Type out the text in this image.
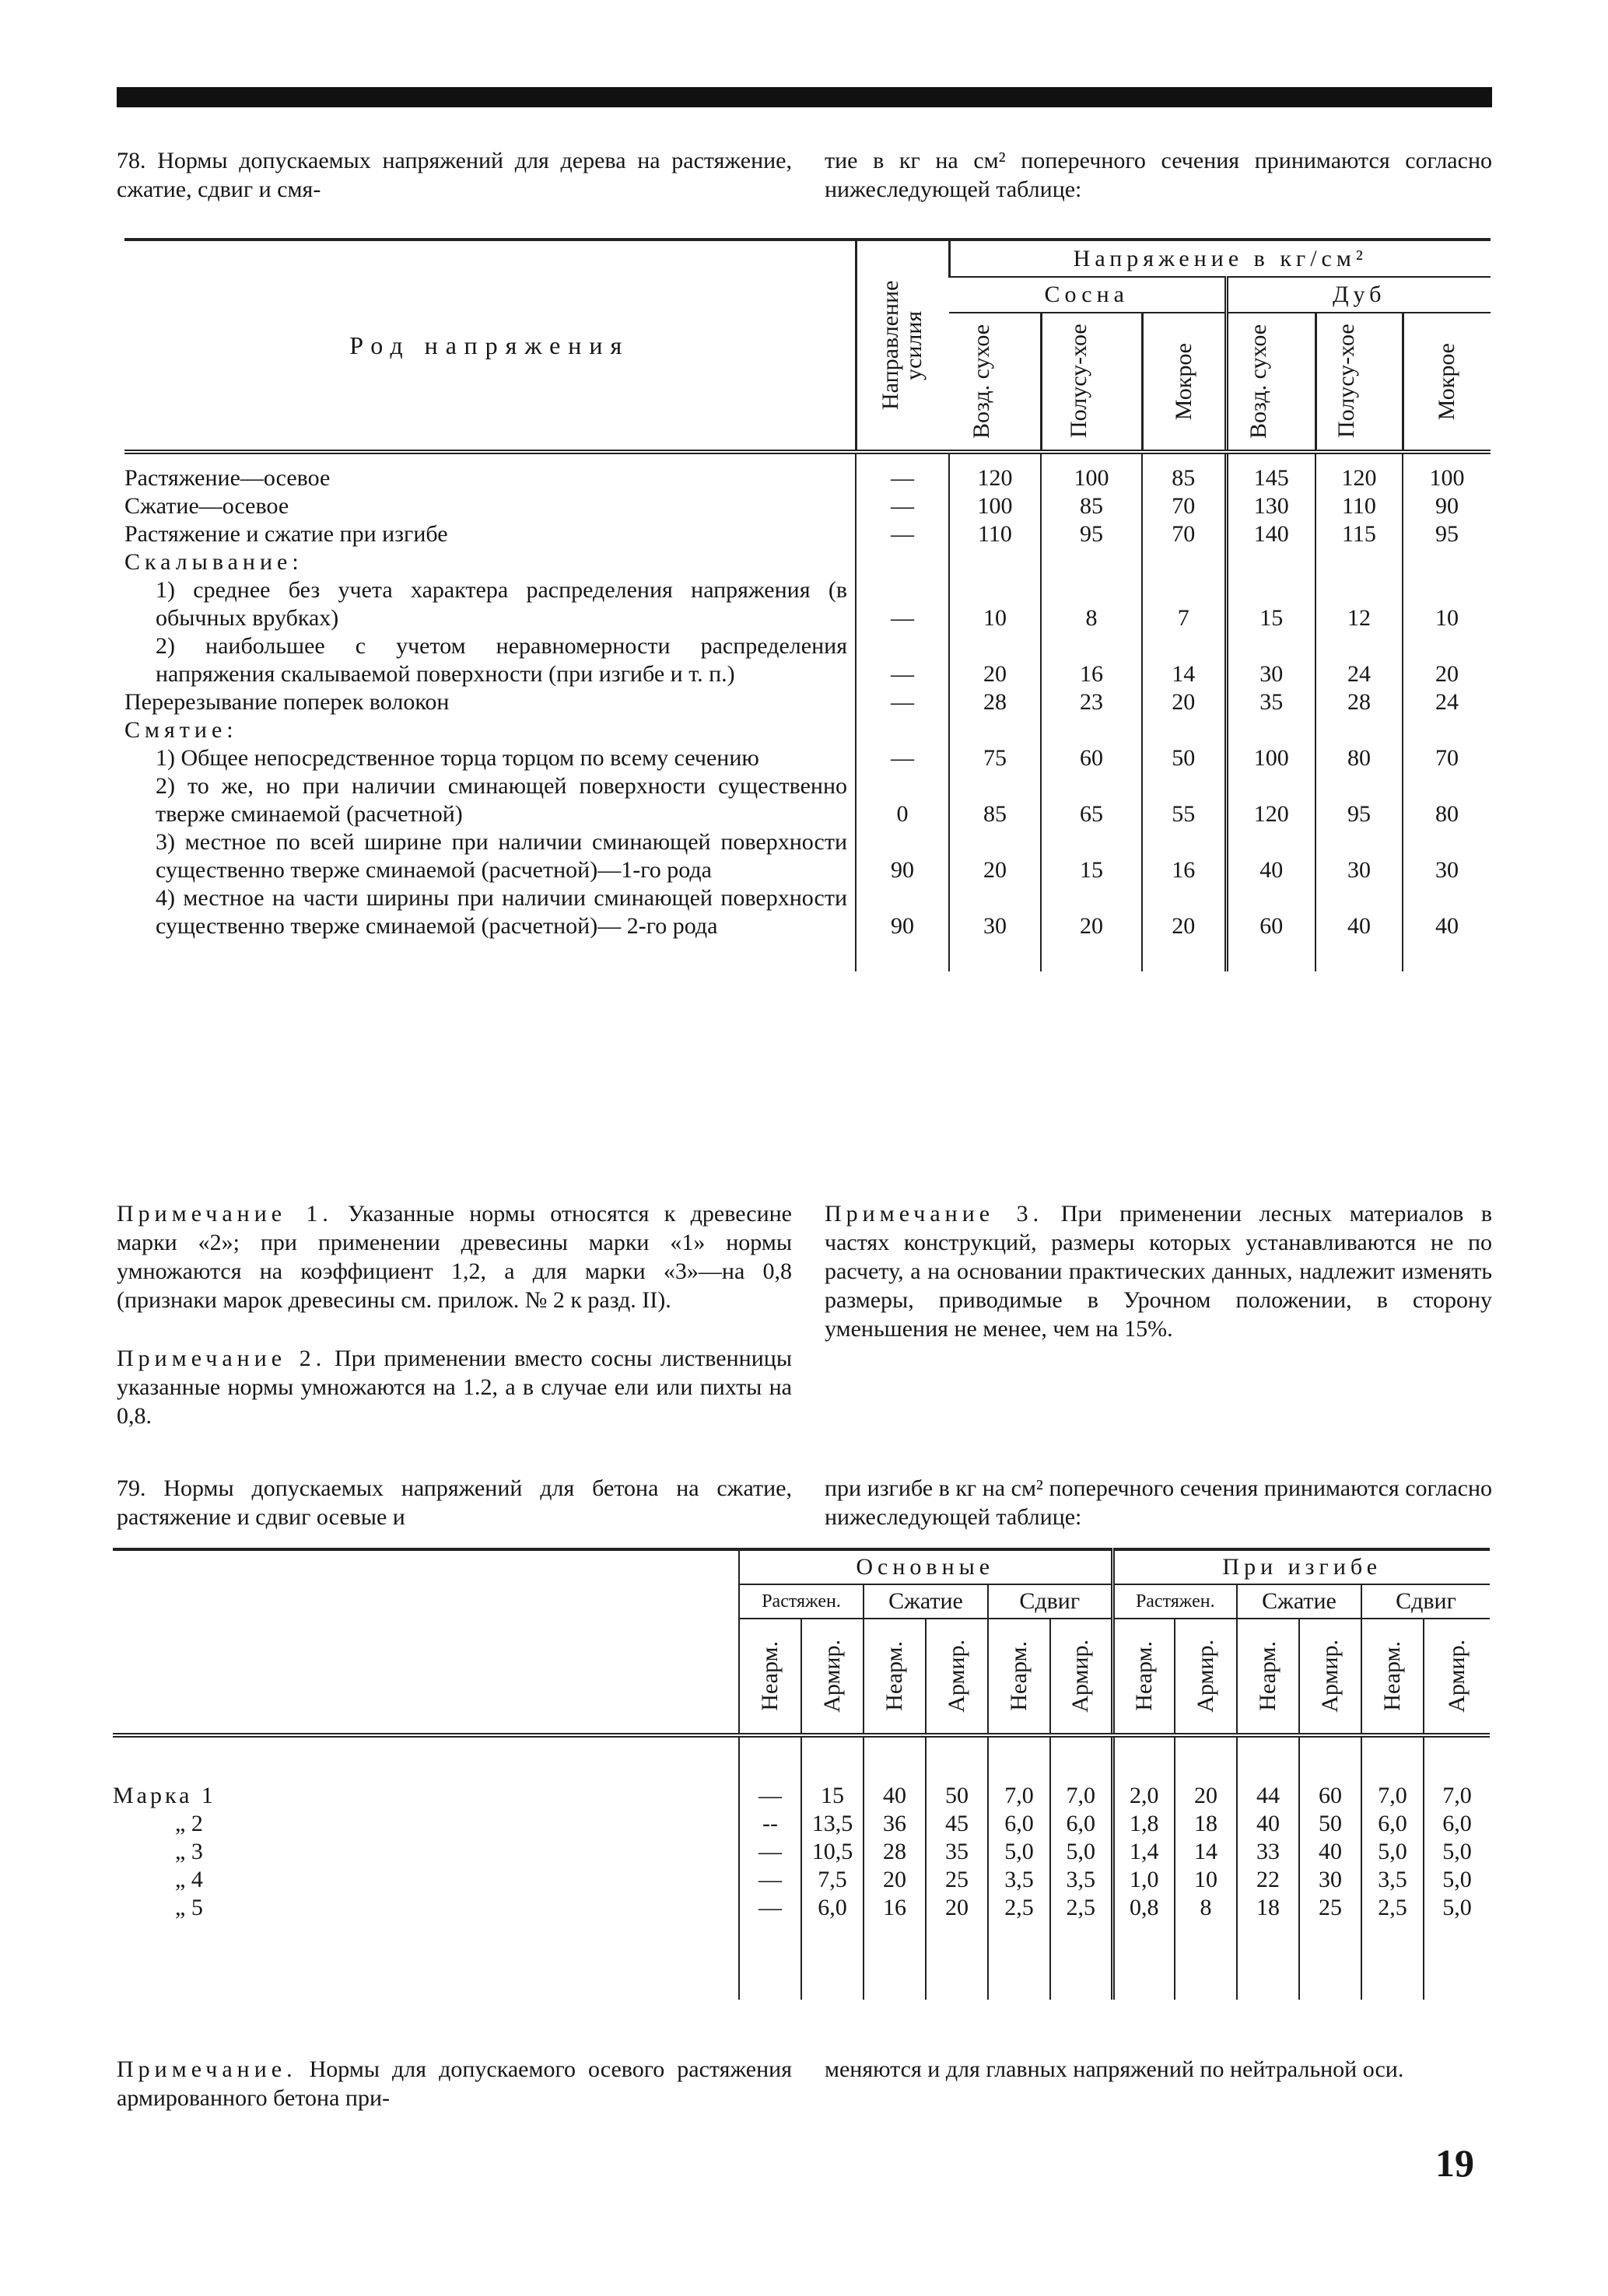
78. Нормы допускаемых напряжений для дерева на растяжение, сжатие, сдвиг и смя-

тие в кг на см² поперечного сечения принимаются согласно нижеследующей таблице:

Род напряжения	Направление усилия	Напряжение в кг/см²					
		Сосна			Дуб		

		Возд. сухое	Полусу-хое	Мокрое	Возд. сухое	Полусу-хое	Мокрое

Растяжение—осевое	—	120	100	85	145	120	100
Сжатие—осевое	—	100	85	70	130	110	90
Растяжение и сжатие при изгибе	—	110	95	70	140	115	95
Скалывание:							
1) среднее без учета характера распределения напряжения (в обычных врубках)	—	10	8	7	15	12	10
2) наибольшее с учетом неравномерности распределения напряжения скалываемой поверхности (при изгибе и т. п.)	—	20	16	14	30	24	20
Перерезывание поперек волокон	—	28	23	20	35	28	24
Смятие:							
1) Общее непосредственное торца торцом по всему сечению	—	75	60	50	100	80	70
2) то же, но при наличии сминающей поверхности существенно тверже сминаемой (расчетной)	0	85	65	55	120	95	80
3) местное по всей ширине при наличии сминающей поверхности существенно тверже сминаемой (расчетной)—1-го рода	90	20	15	16	40	30	30
4) местное на части ширины при наличии сминающей поверхности существенно тверже сминаемой (расчетной)— 2-го рода	90	30	20	20	60	40	40

Примечание 1. Указанные нормы относятся к древесине марки «2»; при применении древесины марки «1» нормы умножаются на коэффициент 1,2, а для марки «3»—на 0,8 (признаки марок древесины см. прилож. № 2 к разд. II).
Примечание 2. При применении вместо сосны лиственницы указанные нормы умножаются на 1.2, а в случае ели или пихты на 0,8.
Примечание 3. При применении лесных материалов в частях конструкций, размеры которых устанавливаются не по расчету, а на основании практических данных, надлежит изменять размеры, приводимые в Урочном положении, в сторону уменьшения не менее, чем на 15%.

79. Нормы допускаемых напряжений для бетона на сжатие, растяжение и сдвиг осевые и

при изгибе в кг на см² поперечного сечения принимаются согласно нижеследующей таблице:

	Основные						При изгибе					
	Растяжен.		Сжатие		Сдвиг		Растяжен.		Сжатие		Сдвиг	

	Неарм.	Армир.	Неарм.	Армир.	Неарм.	Армир.	Неарм.	Армир.	Неарм.	Армир.	Неарм.	Армир.

Марка 1	—	15	40	50	7,0	7,0	2,0	20	44	60	7,0	7,0
„ 2	--	13,5	36	45	6,0	6,0	1,8	18	40	50	6,0	6,0
„ 3	—	10,5	28	35	5,0	5,0	1,4	14	33	40	5,0	5,0
„ 4	—	7,5	20	25	3,5	3,5	1,0	10	22	30	3,5	5,0
„ 5	—	6,0	16	20	2,5	2,5	0,8	8	18	25	2,5	5,0

Примечание. Нормы для допускаемого осевого растяжения армированного бетона при-
меняются и для главных напряжений по нейтральной оси.
19
